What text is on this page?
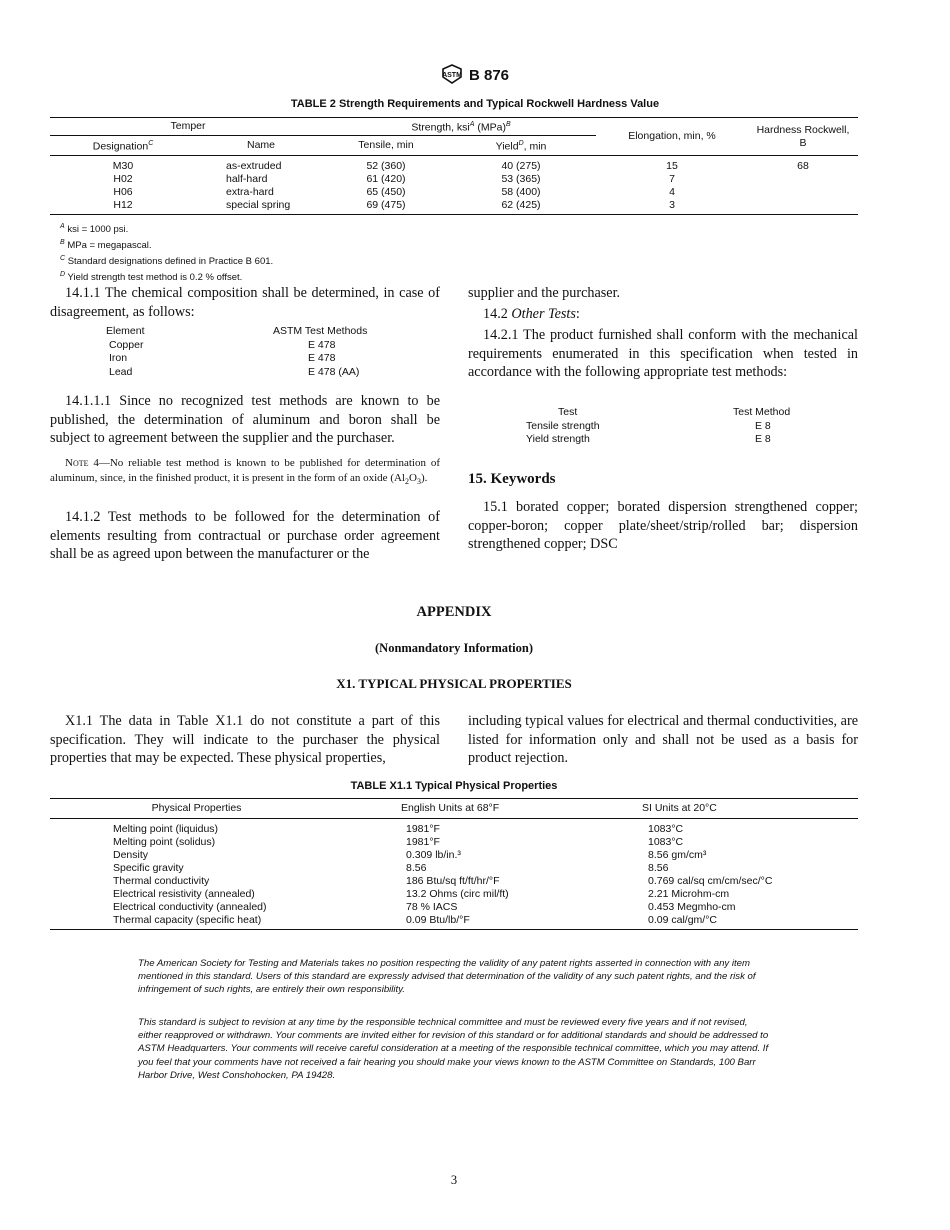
ASTM B 876
TABLE 2 Strength Requirements and Typical Rockwell Hardness Value
Temper		Strength, ksi$^A$ (MPa)$^B$		Elongation, min, %	Hardness Rockwell, B
Designation$^C$	Name	Tensile, min	Yield$^D$, min		
M30	as-extruded	52 (360)	40 (275)	15	68
H02	half-hard	61 (420)	53 (365)	7	
H06	extra-hard	65 (450)	58 (400)	4	
H12	special spring	69 (475)	62 (425)	3	
$^A$ ksi = 1000 psi.
$^B$ MPa = megapascal.
$^C$ Standard designations defined in Practice B 601.
$^D$ Yield strength test method is 0.2 % offset.

14.1.1 The chemical composition shall be determined, in case of disagreement, as follows:

Element	ASTM Test Methods
Copper	E 478
Iron	E 478
Lead	E 478 (AA)

14.1.1.1 Since no recognized test methods are known to be published, the determination of aluminum and boron shall be subject to agreement between the supplier and the purchaser.

Note 4—No reliable test method is known to be published for determination of aluminum, since, in the finished product, it is present in the form of an oxide $(Al_2O_3)$.

14.1.2 Test methods to be followed for the determination of elements resulting from contractual or purchase order agreement shall be as agreed upon between the manufacturer or the

supplier and the purchaser.

14.2 Other Tests:

14.2.1 The product furnished shall conform with the mechanical requirements enumerated in this specification when tested in accordance with the following appropriate test methods:

Test	Test Method
Tensile strength	E 8
Yield strength	E 8
15. Keywords

15.1 borated copper; borated dispersion strengthened copper; copper-boron; copper plate/sheet/strip/rolled bar; dispersion strengthened copper; DSC

APPENDIX
(Nonmandatory Information)
X1. TYPICAL PHYSICAL PROPERTIES

X1.1 The data in Table X1.1 do not constitute a part of this specification. They will indicate to the purchaser the physical properties that may be expected. These physical properties,

including typical values for electrical and thermal conductivities, are listed for information only and shall not be used as a basis for product rejection.

TABLE X1.1 Typical Physical Properties
Physical Properties	English Units at 68°F	SI Units at 20°C
Melting point (liquidus)	1981°F	1083°C
Melting point (solidus)	1981°F	1083°C
Density	0.309 lb/in.³	8.56 gm/cm³
Specific gravity	8.56	8.56
Thermal conductivity	186 Btu/sq ft/ft/hr/°F	0.769 cal/sq cm/cm/sec/°C
Electrical resistivity (annealed)	13.2 Ohms (circ mil/ft)	2.21 Microhm-cm
Electrical conductivity (annealed)	78 % IACS	0.453 Megmho-cm
Thermal capacity (specific heat)	0.09 Btu/lb/°F	0.09 cal/gm/°C
The American Society for Testing and Materials takes no position respecting the validity of any patent rights asserted in connection with any item mentioned in this standard. Users of this standard are expressly advised that determination of the validity of any such patent rights, and the risk of infringement of such rights, are entirely their own responsibility.
This standard is subject to revision at any time by the responsible technical committee and must be reviewed every five years and if not revised, either reapproved or withdrawn. Your comments are invited either for revision of this standard or for additional standards and should be addressed to ASTM Headquarters. Your comments will receive careful consideration at a meeting of the responsible technical committee, which you may attend. If you feel that your comments have not received a fair hearing you should make your views known to the ASTM Committee on Standards, 100 Barr Harbor Drive, West Conshohocken, PA 19428.
3
